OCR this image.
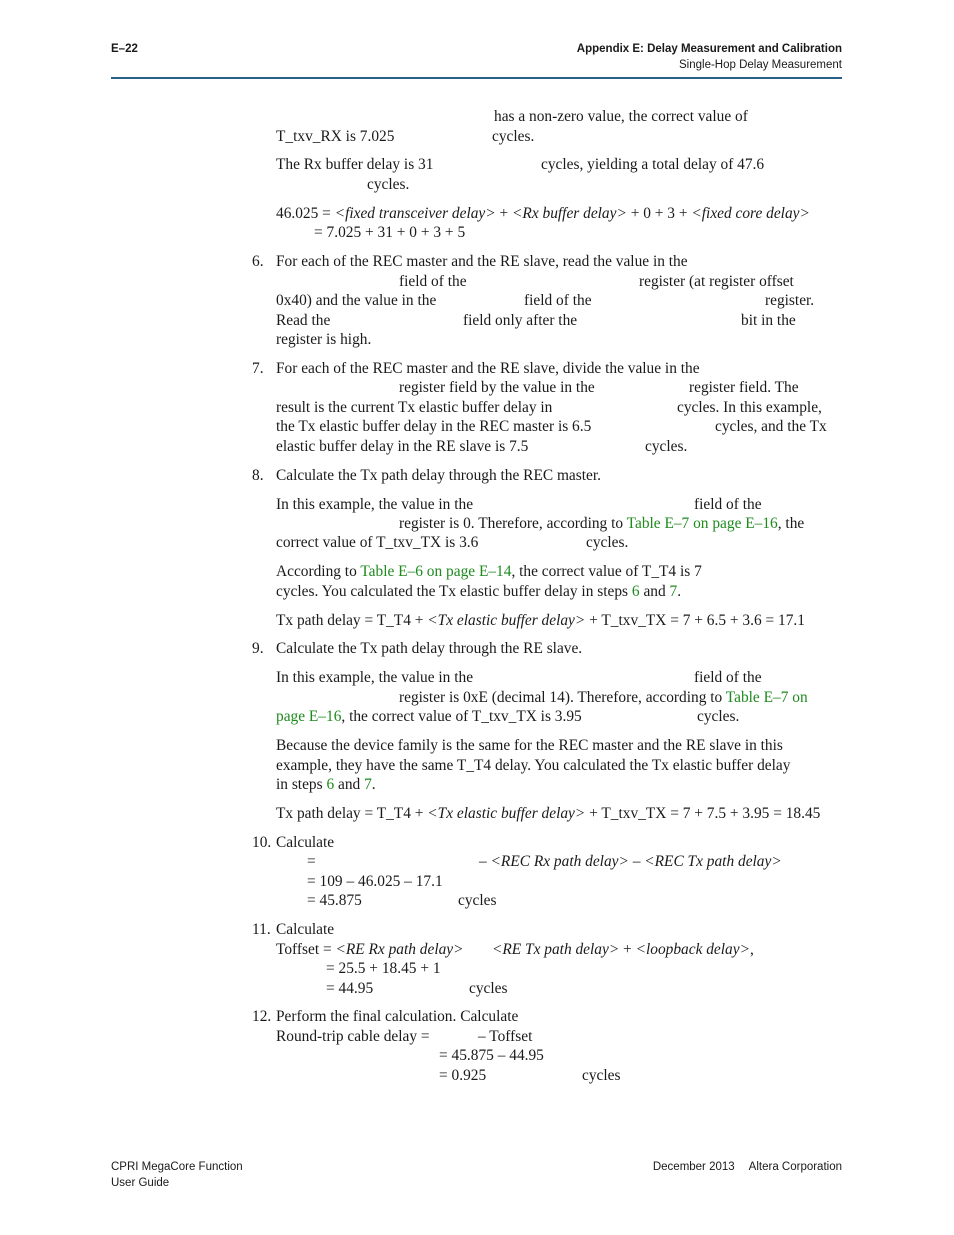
E–22	Appendix E: Delay Measurement and Calibration
Single-Hop Delay Measurement
has a non-zero value, the correct value of
T_txv_RX is 7.025	cycles.
The Rx buffer delay is 31	cycles, yielding a total delay of 47.6
cycles.
46.025 = <fixed transceiver delay> + <Rx buffer delay> + 0 + 3 + <fixed core delay>
= 7.025 + 31 + 0 + 3 + 5
6. For each of the REC master and the RE slave, read the value in the
field of the	register (at register offset
0x40) and the value in the	field of the	register.
Read the	field only after the	bit in the
register is high.
7. For each of the REC master and the RE slave, divide the value in the
register field by the value in the	register field. The
result is the current Tx elastic buffer delay in	cycles. In this example,
the Tx elastic buffer delay in the REC master is 6.5	cycles, and the Tx
elastic buffer delay in the RE slave is 7.5	cycles.
8. Calculate the Tx path delay through the REC master.
In this example, the value in the	field of the
register is 0. Therefore, according to Table E–7 on page E–16, the
correct value of T_txv_TX is 3.6	cycles.
According to Table E–6 on page E–14, the correct value of T_T4 is 7
cycles. You calculated the Tx elastic buffer delay in steps 6 and 7.
Tx path delay = T_T4 + <Tx elastic buffer delay> + T_txv_TX = 7 + 6.5 + 3.6 = 17.1
9. Calculate the Tx path delay through the RE slave.
In this example, the value in the	field of the
register is 0xE (decimal 14). Therefore, according to Table E–7 on
page E–16, the correct value of T_txv_TX is 3.95	cycles.
Because the device family is the same for the REC master and the RE slave in this
example, they have the same T_T4 delay. You calculated the Tx elastic buffer delay
in steps 6 and 7.
Tx path delay = T_T4 + <Tx elastic buffer delay> + T_txv_TX = 7 + 7.5 + 3.95 = 18.45
10. Calculate
=	– <REC Rx path delay> – <REC Tx path delay>
= 109 – 46.025 – 17.1
= 45.875	cycles
11. Calculate
Toffset = <RE Rx path delay> <RE Tx path delay> + <loopback delay>,
= 25.5 + 18.45 + 1
= 44.95	cycles
12. Perform the final calculation. Calculate
Round-trip cable delay =	– Toffset
= 45.875 – 44.95
= 0.925	cycles
CPRI MegaCore Function
User Guide
December 2013 Altera Corporation
